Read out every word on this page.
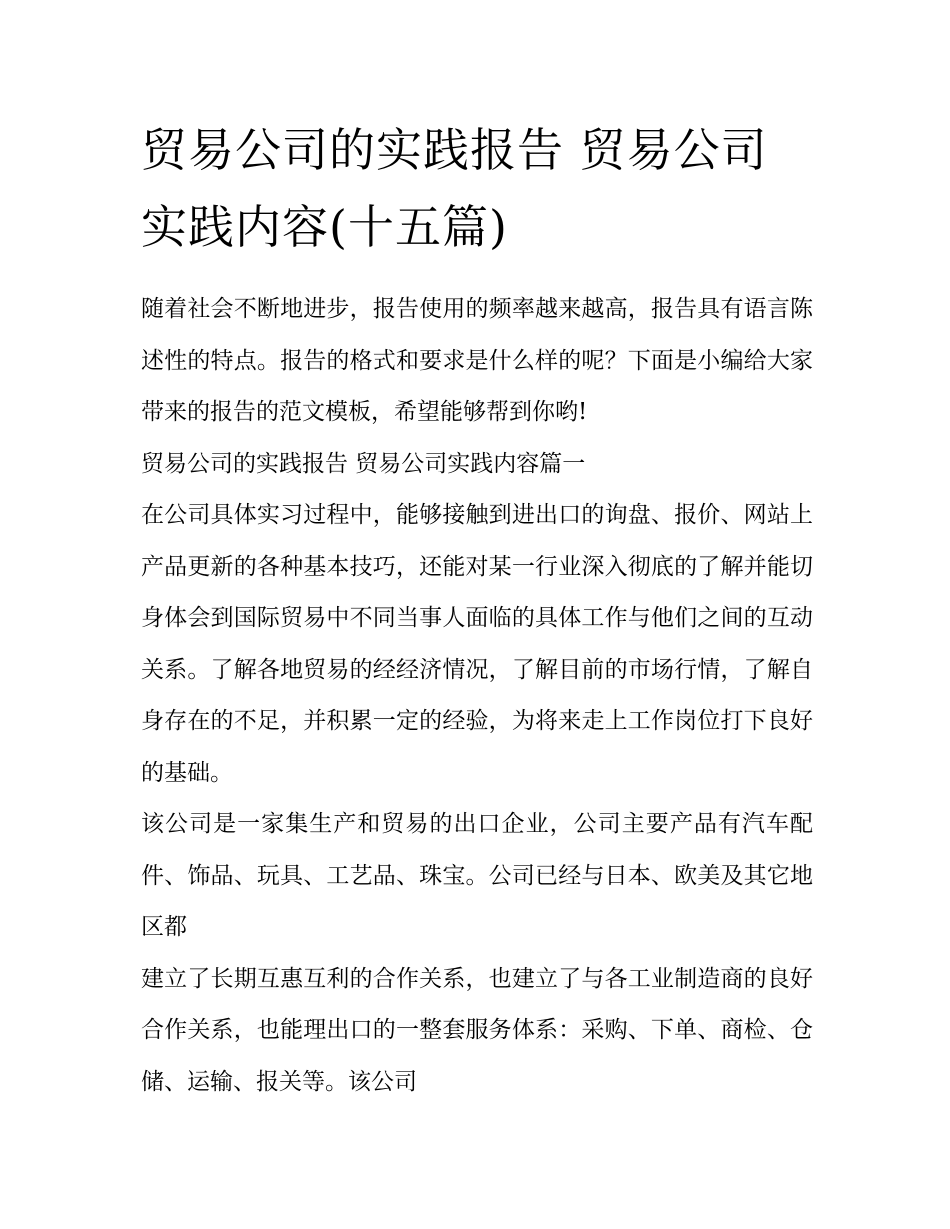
贸易公司的实践报告 贸易公司实践内容(十五篇)

随着社会不断地进步，报告使用的频率越来越高，报告具有语言陈述性的特点。报告的格式和要求是什么样的呢？下面是小编给大家带来的报告的范文模板，希望能够帮到你哟!

贸易公司的实践报告 贸易公司实践内容篇一

在公司具体实习过程中，能够接触到进出口的询盘、报价、网站上产品更新的各种基本技巧，还能对某一行业深入彻底的了解并能切身体会到国际贸易中不同当事人面临的具体工作与他们之间的互动关系。了解各地贸易的经经济情况，了解目前的市场行情，了解自身存在的不足，并积累一定的经验，为将来走上工作岗位打下良好的基础。

该公司是一家集生产和贸易的出口企业，公司主要产品有汽车配件、饰品、玩具、工艺品、珠宝。公司已经与日本、欧美及其它地区都

建立了长期互惠互利的合作关系，也建立了与各工业制造商的良好合作关系，也能理出口的一整套服务体系：采购、下单、商检、仓储、运输、报关等。该公司
